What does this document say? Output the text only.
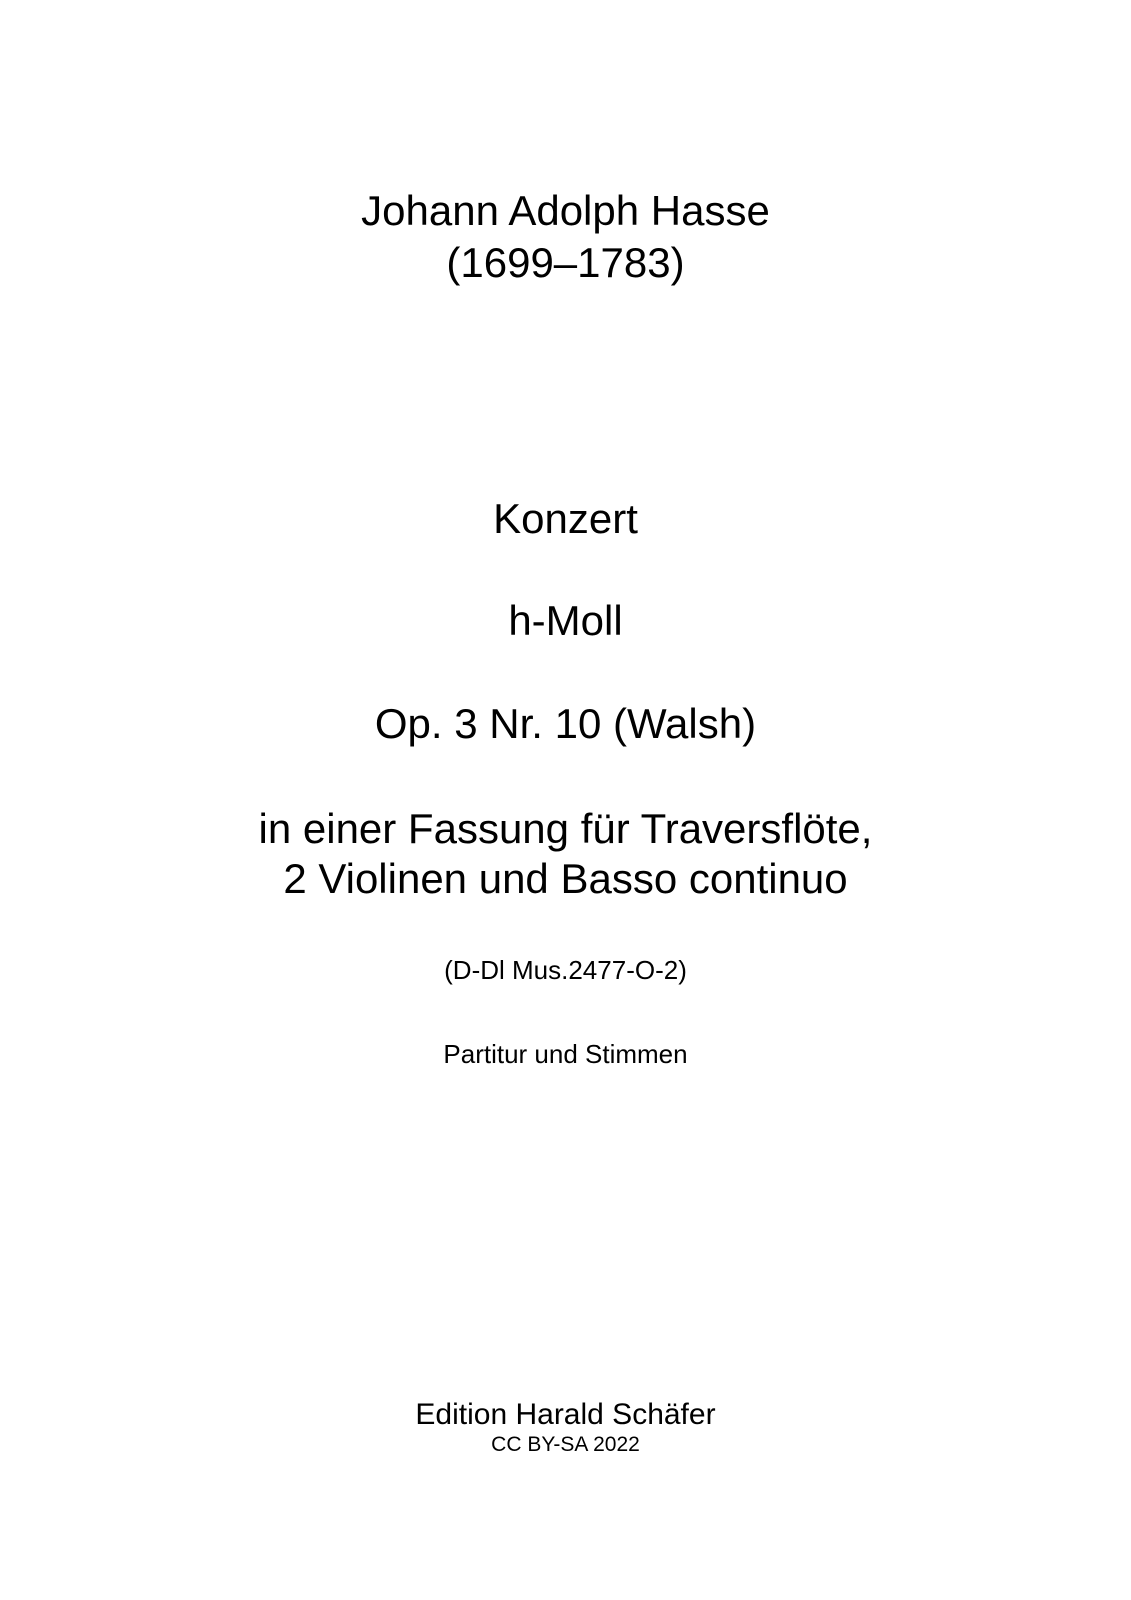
Johann Adolph Hasse
(1699–1783)
Konzert
h-Moll
Op. 3 Nr. 10 (Walsh)
in einer Fassung für Traversflöte,
2 Violinen und Basso continuo
(D-Dl Mus.2477-O-2)
Partitur und Stimmen
Edition Harald Schäfer
CC BY-SA 2022
